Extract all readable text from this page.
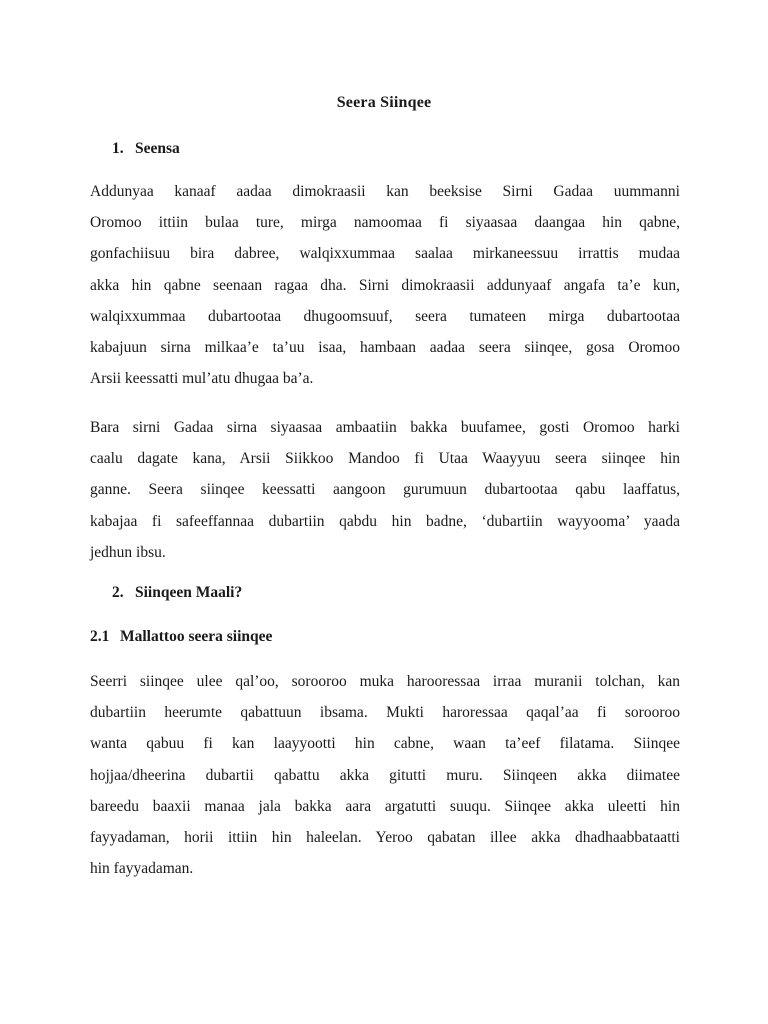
Seera Siinqee
1. Seensa
Addunyaa kanaaf aadaa dimokraasii kan beeksise Sirni Gadaa uummanni
Oromoo ittiin bulaa ture, mirga namoomaa fi siyaasaa daangaa hin qabne,
gonfachiisuu bira dabree, walqixxummaa saalaa mirkaneessuu irrattis mudaa
akka hin qabne seenaan ragaa dha. Sirni dimokraasii addunyaaf angafa ta’e kun,
walqixxummaa dubartootaa dhugoomsuuf, seera tumateen mirga dubartootaa
kabajuun sirna milkaa’e ta’uu isaa, hambaan aadaa seera siinqee, gosa Oromoo
Arsii keessatti mul’atu dhugaa ba’a.
Bara sirni Gadaa sirna siyaasaa ambaatiin bakka buufamee, gosti Oromoo harki
caalu dagate kana, Arsii Siikkoo Mandoo fi Utaa Waayyuu seera siinqee hin
ganne. Seera siinqee keessatti aangoon gurumuun dubartootaa qabu laaffatus,
kabajaa fi safeeffannaa dubartiin qabdu hin badne, ‘dubartiin wayyooma’ yaada
jedhun ibsu.
2. Siinqeen Maali?
2.1 Mallattoo seera siinqee
Seerri siinqee ulee qal’oo, sorooroo muka harooressaa irraa muranii tolchan, kan
dubartiin heerumte qabattuun ibsama. Mukti haroressaa qaqal’aa fi sorooroo
wanta qabuu fi kan laayyootti hin cabne, waan ta’eef filatama. Siinqee
hojjaa/dheerina dubartii qabattu akka gitutti muru. Siinqeen akka diimatee
bareedu baaxii manaa jala bakka aara argatutti suuqu. Siinqee akka uleetti hin
fayyadaman, horii ittiin hin haleelan. Yeroo qabatan illee akka dhadhaabbataatti
hin fayyadaman.
